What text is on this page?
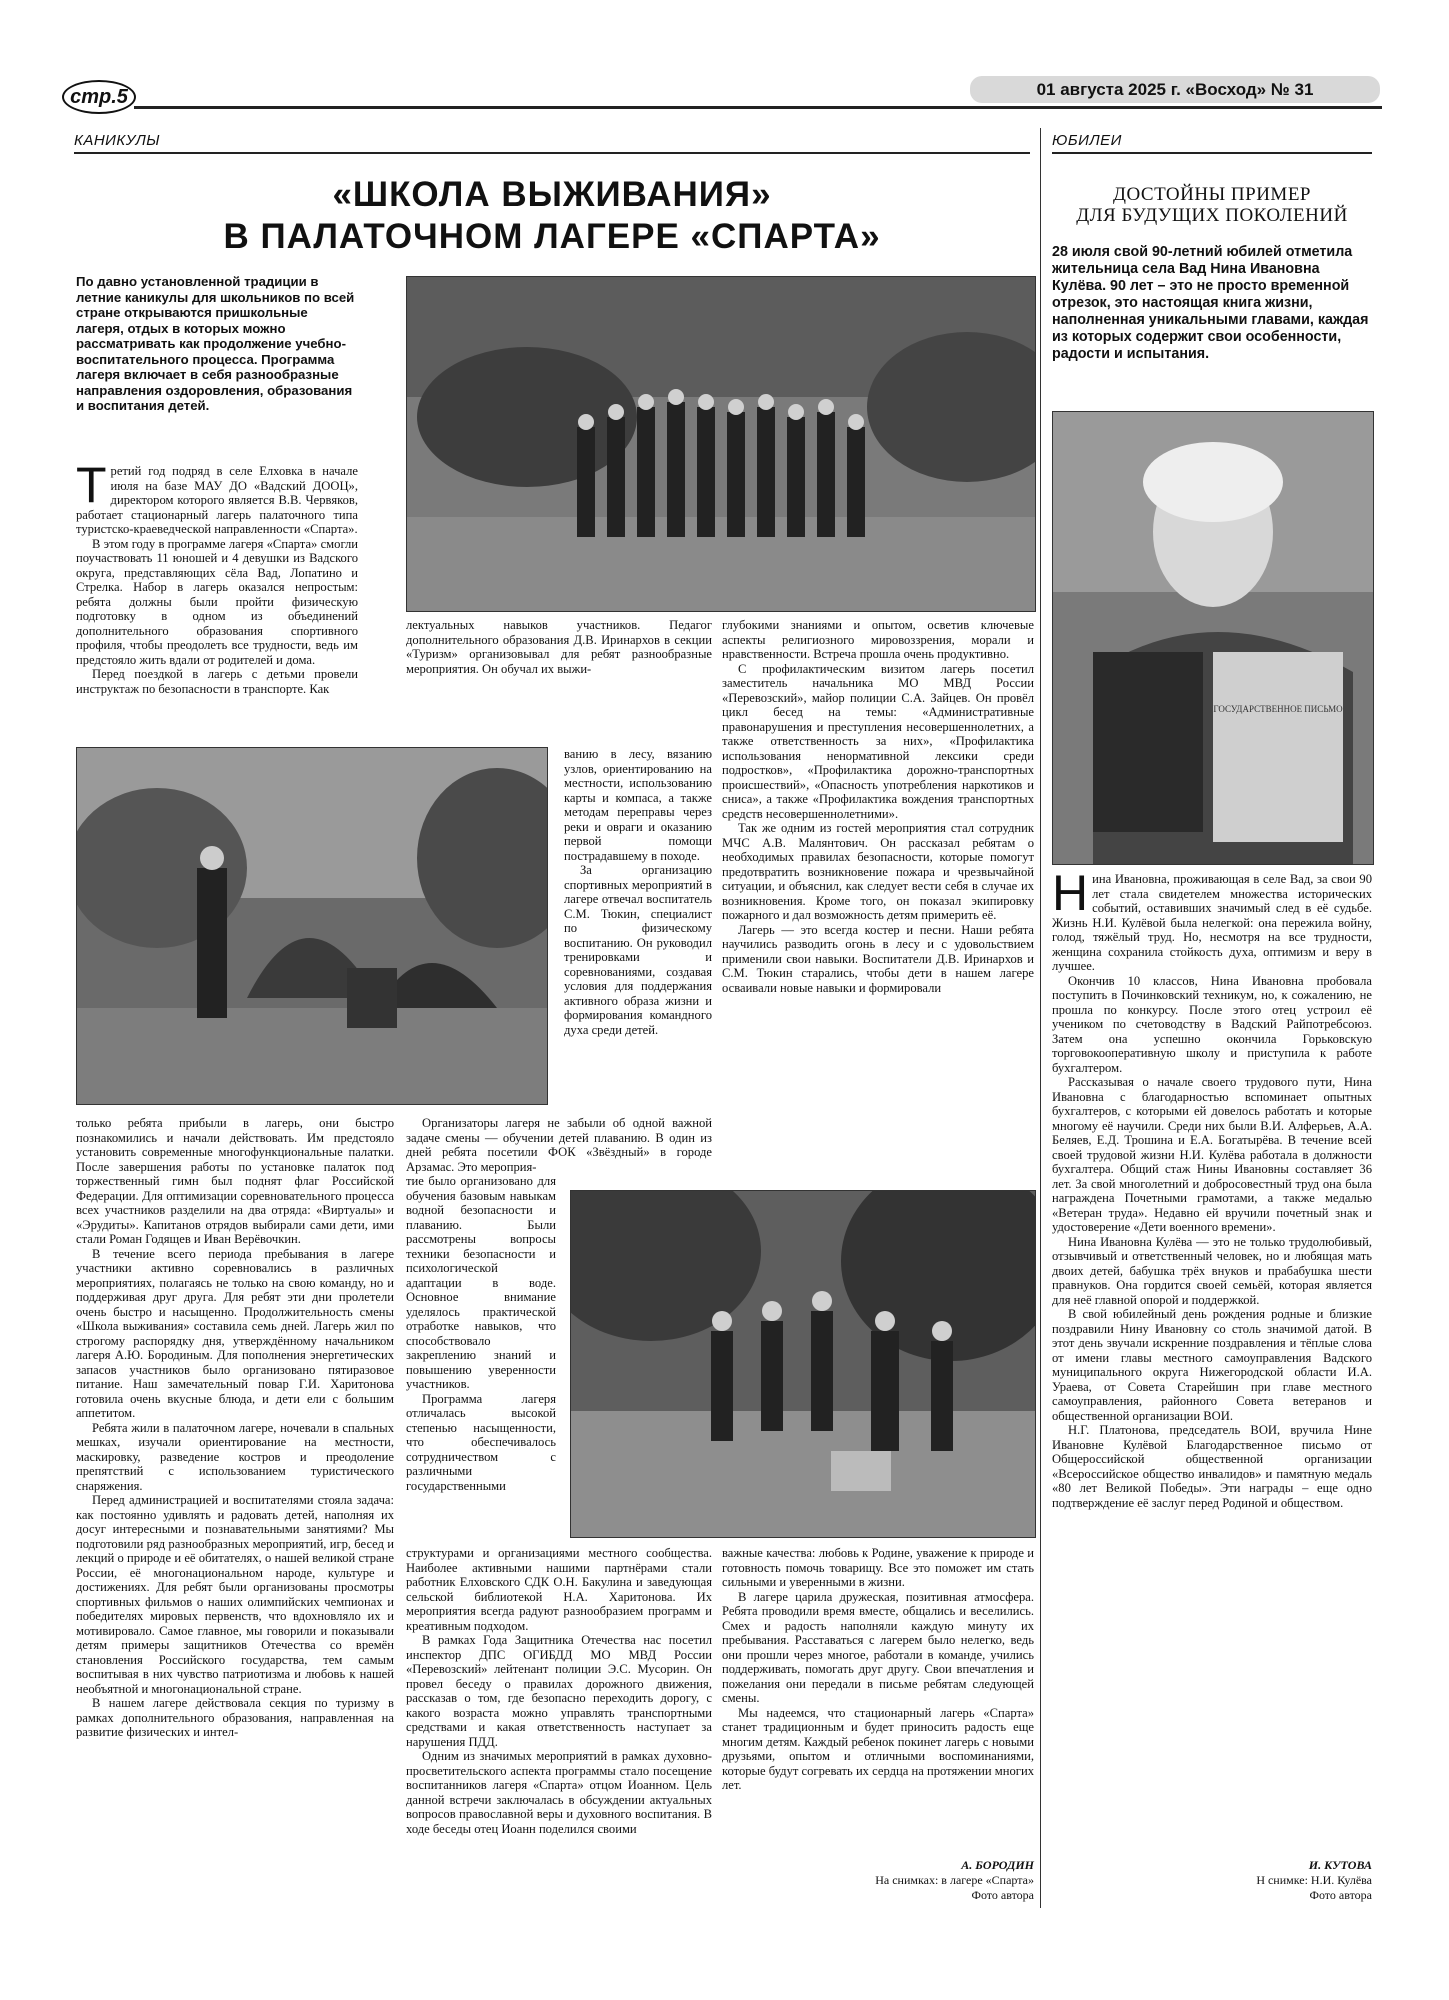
стр.5	01 августа 2025 г. «Восход» № 31
КАНИКУЛЫ	ЮБИЛЕИ
«ШКОЛА ВЫЖИВАНИЯ»
В ПАЛАТОЧНОМ ЛАГЕРЕ «СПАРТА»
По давно установленной традиции в летние каникулы для школьников по всей стране открываются пришкольные лагеря, отдых в которых можно рассматривать как продолжение учебно-воспитательного процесса. Программа лагеря включает в себя разнообразные направления оздоровления, образования и воспитания детей.

Третий год подряд в селе Елховка в начале июля на базе МАУ ДО «Вадский ДООЦ», директором которого является В.В. Червяков, работает стационарный лагерь палаточного типа туристско-краеведческой направленности «Спарта».

В этом году в программе лагеря «Спарта» смогли поучаствовать 11 юношей и 4 девушки из Вадского округа, представляющих сёла Вад, Лопатино и Стрелка. Набор в лагерь оказался непростым: ребята должны были пройти физическую подготовку в одном из объединений дополнительного образования спортивного профиля, чтобы преодолеть все трудности, ведь им предстояло жить вдали от родителей и дома.

Перед поездкой в лагерь с детьми провели инструктаж по безопасности в транспорте. Как

лектуальных навыков участников. Педагог дополнительного образования Д.В. Иринархов в секции «Туризм» организовывал для ребят разнообразные мероприятия. Он обучал их выжи-

глубокими знаниями и опытом, осветив ключевые аспекты религиозного мировоззрения, морали и нравственности. Встреча прошла очень продуктивно.

С профилактическим визитом лагерь посетил заместитель начальника МО МВД России «Перевозский», майор полиции С.А. Зайцев. Он провёл цикл бесед на темы: «Административные правонарушения и преступления несовершеннолетних, а также ответственность за них», «Профилактика использования ненормативной лексики среди подростков», «Профилактика дорожно-транспортных происшествий», «Опасность употребления наркотиков и сниса», а также «Профилактика вождения транспортных средств несовершеннолетними».

Так же одним из гостей мероприятия стал сотрудник МЧС А.В. Малянтович. Он рассказал ребятам о необходимых правилах безопасности, которые помогут предотвратить возникновение пожара и чрезвычайной ситуации, и объяснил, как следует вести себя в случае их возникновения. Кроме того, он показал экипировку пожарного и дал возможность детям примерить её.

Лагерь — это всегда костер и песни. Наши ребята научились разводить огонь в лесу и с удовольствием применили свои навыки. Воспитатели Д.В. Иринархов и С.М. Тюкин старались, чтобы дети в нашем лагере осваивали новые навыки и формировали

ванию в лесу, вязанию узлов, ориентированию на местности, использованию карты и компаса, а также методам переправы через реки и овраги и оказанию первой помощи пострадавшему в походе.

За организацию спортивных мероприятий в лагере отвечал воспитатель С.М. Тюкин, специалист по физическому воспитанию. Он руководил тренировками и соревнованиями, создавая условия для поддержания активного образа жизни и формирования командного духа среди детей.

только ребята прибыли в лагерь, они быстро познакомились и начали действовать. Им предстояло установить современные многофункциональные палатки. После завершения работы по установке палаток под торжественный гимн был поднят флаг Российской Федерации. Для оптимизации соревновательного процесса всех участников разделили на два отряда: «Виртуалы» и «Эрудиты». Капитанов отрядов выбирали сами дети, ими стали Роман Годящев и Иван Верёвочкин.

В течение всего периода пребывания в лагере участники активно соревновались в различных мероприятиях, полагаясь не только на свою команду, но и поддерживая друг друга. Для ребят эти дни пролетели очень быстро и насыщенно. Продолжительность смены «Школа выживания» составила семь дней. Лагерь жил по строгому распорядку дня, утверждённому начальником лагеря А.Ю. Бородиным. Для пополнения энергетических запасов участников было организовано пятиразовое питание. Наш замечательный повар Г.И. Харитонова готовила очень вкусные блюда, и дети ели с большим аппетитом.

Ребята жили в палаточном лагере, ночевали в спальных мешках, изучали ориентирование на местности, маскировку, разведение костров и преодоление препятствий с использованием туристического снаряжения.

Перед администрацией и воспитателями стояла задача: как постоянно удивлять и радовать детей, наполняя их досуг интересными и познавательными занятиями? Мы подготовили ряд разнообразных мероприятий, игр, бесед и лекций о природе и её обитателях, о нашей великой стране России, её многонациональном народе, культуре и достижениях. Для ребят были организованы просмотры спортивных фильмов о наших олимпийских чемпионах и победителях мировых первенств, что вдохновляло их и мотивировало. Самое главное, мы говорили и показывали детям примеры защитников Отечества со времён становления Российского государства, тем самым воспитывая в них чувство патриотизма и любовь к нашей необъятной и многонациональной стране.

В нашем лагере действовала секция по туризму в рамках дополнительного образования, направленная на развитие физических и интел-

Организаторы лагеря не забыли об одной важной задаче смены — обучении детей плаванию. В один из дней ребята посетили ФОК «Звёздный» в городе Арзамас. Это мероприя-

тие было организовано для обучения базовым навыкам водной безопасности и плаванию. Были рассмотрены вопросы техники безопасности и психологической адаптации в воде. Основное внимание уделялось практической отработке навыков, что способствовало закреплению знаний и повышению уверенности участников.

Программа лагеря отличалась высокой степенью насыщенности, что обеспечивалось сотрудничеством с различными государственными

структурами и организациями местного сообщества. Наиболее активными нашими партнёрами стали работник Елховского СДК О.Н. Бакулина и заведующая сельской библиотекой Н.А. Харитонова. Их мероприятия всегда радуют разнообразием программ и креативным подходом.

В рамках Года Защитника Отечества нас посетил инспектор ДПС ОГИБДД МО МВД России «Перевозский» лейтенант полиции Э.С. Мусорин. Он провел беседу о правилах дорожного движения, рассказав о том, где безопасно переходить дорогу, с какого возраста можно управлять транспортными средствами и какая ответственность наступает за нарушения ПДД.

Одним из значимых мероприятий в рамках духовно-просветительского аспекта программы стало посещение воспитанников лагеря «Спарта» отцом Иоанном. Цель данной встречи заключалась в обсуждении актуальных вопросов православной веры и духовного воспитания. В ходе беседы отец Иоанн поделился своими

важные качества: любовь к Родине, уважение к природе и готовность помочь товарищу. Все это поможет им стать сильными и уверенными в жизни.

В лагере царила дружеская, позитивная атмосфера. Ребята проводили время вместе, общались и веселились. Смех и радость наполняли каждую минуту их пребывания. Расставаться с лагерем было нелегко, ведь они прошли через многое, работали в команде, учились поддерживать, помогать друг другу. Свои впечатления и пожелания они передали в письме ребятам следующей смены.

Мы надеемся, что стационарный лагерь «Спарта» станет традиционным и будет приносить радость еще многим детям. Каждый ребенок покинет лагерь с новыми друзьями, опытом и отличными воспоминаниями, которые будут согревать их сердца на протяжении многих лет.

А. БОРОДИН
На снимках: в лагере «Спарта»
Фото автора
ДОСТОЙНЫ ПРИМЕР
ДЛЯ БУДУЩИХ ПОКОЛЕНИЙ
28 июля свой 90-летний юбилей отметила жительница села Вад Нина Ивановна Кулёва. 90 лет – это не просто временной отрезок, это настоящая книга жизни, наполненная уникальными главами, каждая из которых содержит свои особенности, радости и испытания.
ГОСУДАРСТВЕННОЕ ПИСЬМО

Нина Ивановна, проживающая в селе Вад, за свои 90 лет стала свидетелем множества исторических событий, оставивших значимый след в её судьбе. Жизнь Н.И. Кулёвой была нелегкой: она пережила войну, голод, тяжёлый труд. Но, несмотря на все трудности, женщина сохранила стойкость духа, оптимизм и веру в лучшее.

Окончив 10 классов, Нина Ивановна пробовала поступить в Починковский техникум, но, к сожалению, не прошла по конкурсу. После этого отец устроил её учеником по счетоводству в Вадский Райпотребсоюз. Затем она успешно окончила Горьковскую торговокооперативную школу и приступила к работе бухгалтером.

Рассказывая о начале своего трудового пути, Нина Ивановна с благодарностью вспоминает опытных бухгалтеров, с которыми ей довелось работать и которые многому её научили. Среди них были В.И. Алферьев, А.А. Беляев, Е.Д. Трошина и Е.А. Богатырёва. В течение всей своей трудовой жизни Н.И. Кулёва работала в должности бухгалтера. Общий стаж Нины Ивановны составляет 36 лет. За свой многолетний и добросовестный труд она была награждена Почетными грамотами, а также медалью «Ветеран труда». Недавно ей вручили почетный знак и удостоверение «Дети военного времени».

Нина Ивановна Кулёва — это не только трудолюбивый, отзывчивый и ответственный человек, но и любящая мать двоих детей, бабушка трёх внуков и прабабушка шести правнуков. Она гордится своей семьёй, которая является для неё главной опорой и поддержкой.

В свой юбилейный день рождения родные и близкие поздравили Нину Ивановну со столь значимой датой. В этот день звучали искренние поздравления и тёплые слова от имени главы местного самоуправления Вадского муниципального округа Нижегородской области И.А. Ураева, от Совета Старейшин при главе местного самоуправления, районного Совета ветеранов и общественной организации ВОИ.

Н.Г. Платонова, председатель ВОИ, вручила Нине Ивановне Кулёвой Благодарственное письмо от Общероссийской общественной организации «Всероссийское общество инвалидов» и памятную медаль «80 лет Великой Победы». Эти награды – еще одно подтверждение её заслуг перед Родиной и обществом.

И. КУТОВА
Н снимке: Н.И. Кулёва
Фото автора
